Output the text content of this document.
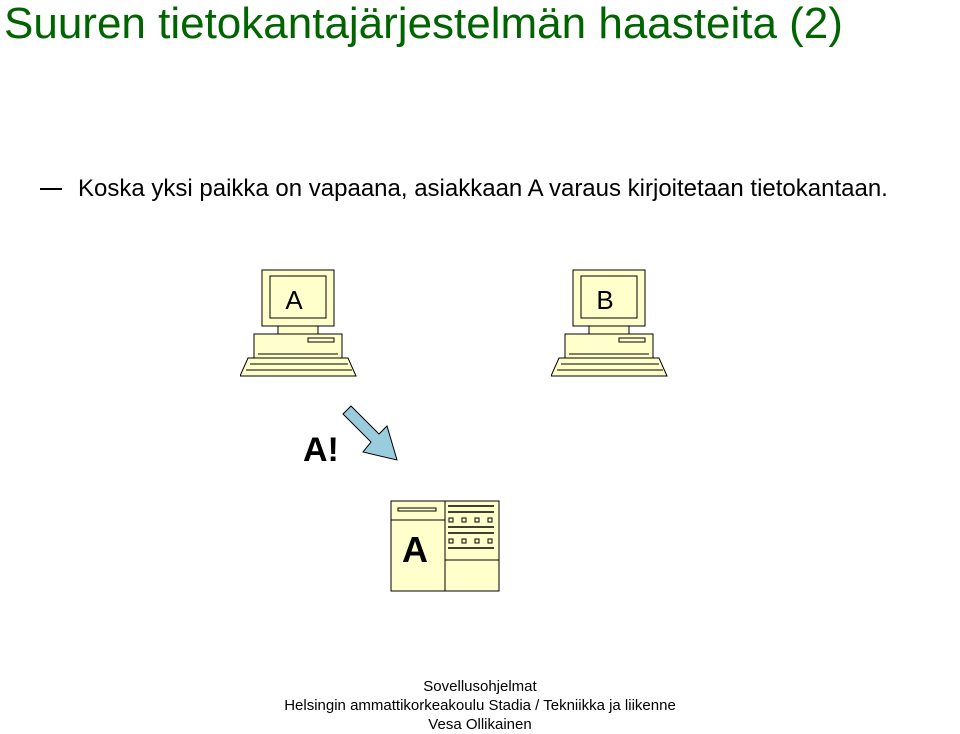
Suuren tietokantajärjestelmän haasteita (2)
Koska yksi paikka on vapaana, asiakkaan A varaus kirjoitetaan tietokantaan.
A	B
A!
A
Sovellusohjelmat
Helsingin ammattikorkeakoulu Stadia / Tekniikka ja liikenne
Vesa Ollikainen
